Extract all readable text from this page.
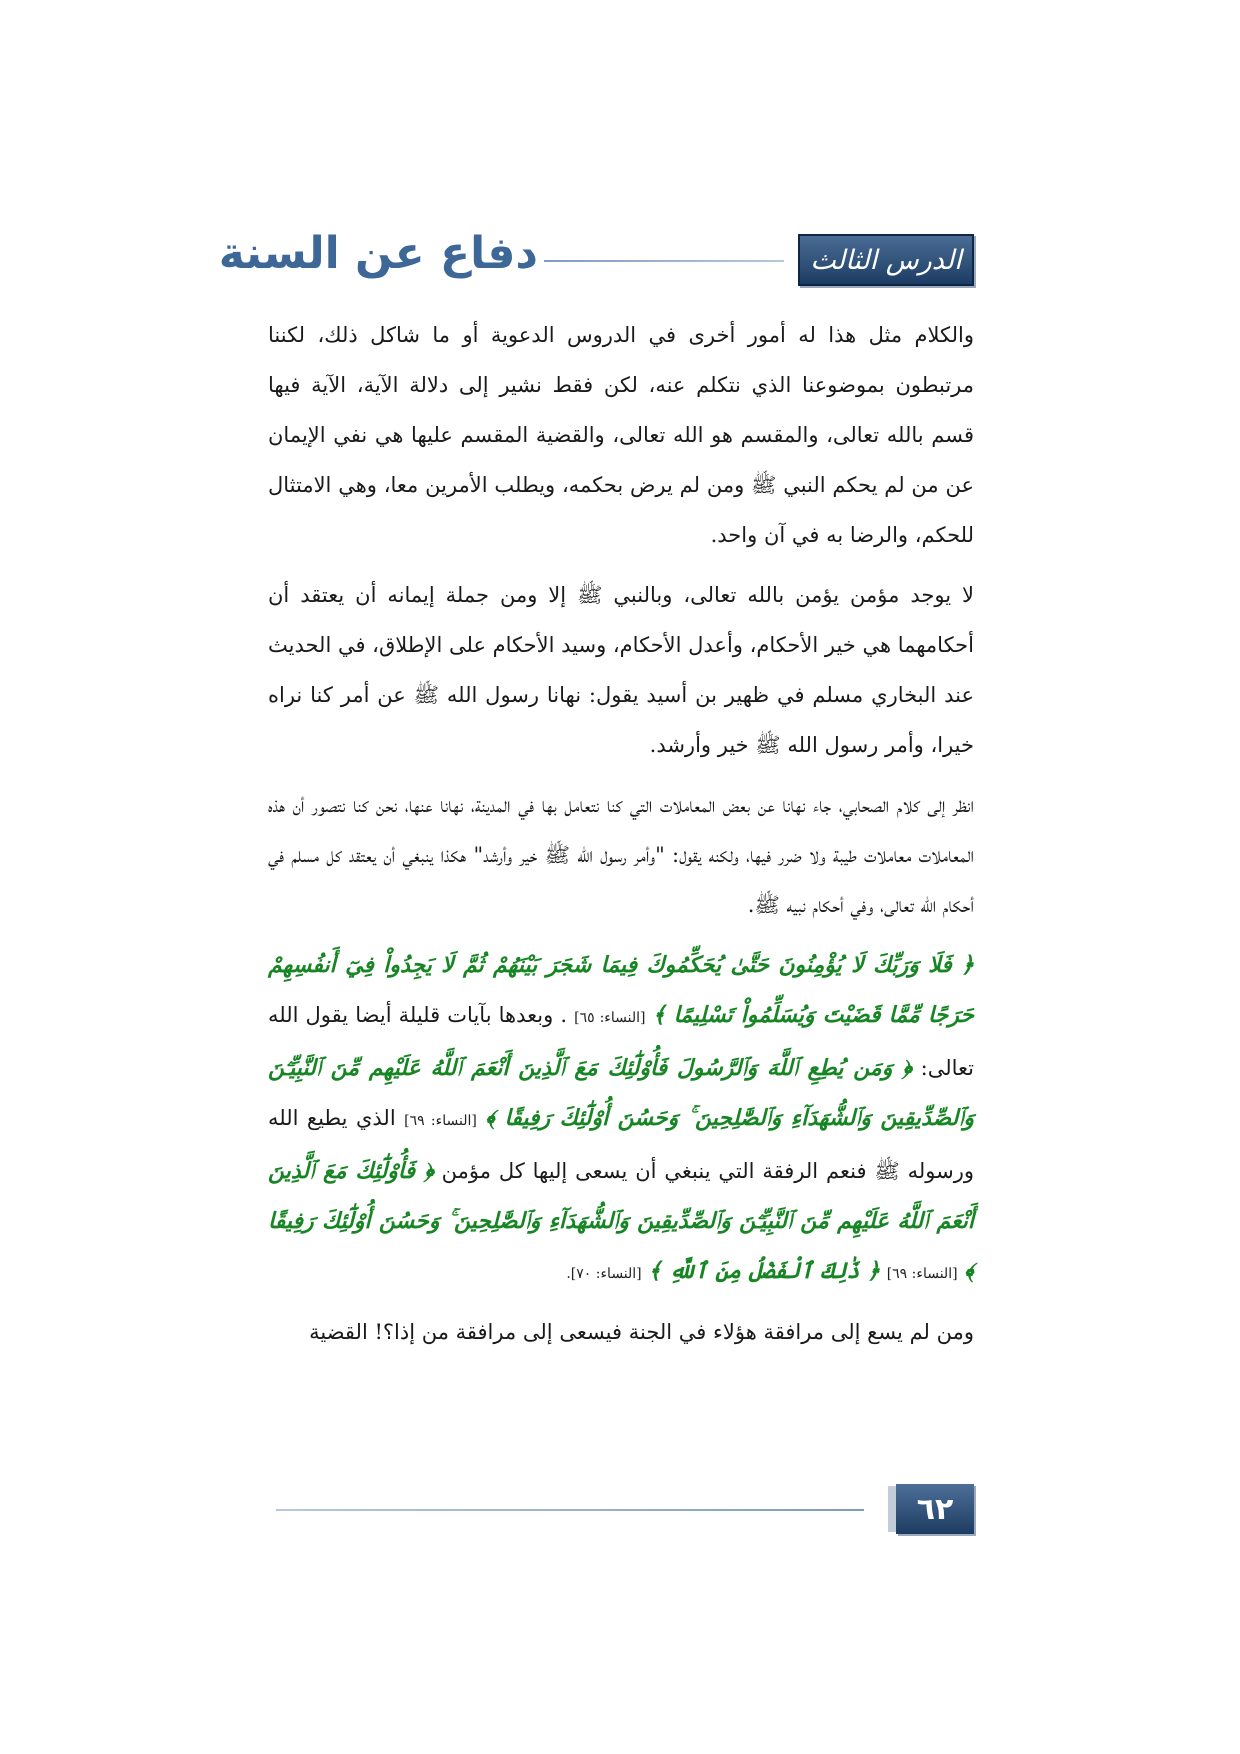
دفاع عن السنة	الدرس الثالث

والكلام مثل هذا له أمور أخرى في الدروس الدعوية أو ما شاكل ذلك، لكننا مرتبطون بموضوعنا الذي نتكلم عنه، لكن فقط نشير إلى دلالة الآية، الآية فيها قسم بالله تعالى، والمقسم هو الله تعالى، والقضية المقسم عليها هي نفي الإيمان عن من لم يحكم النبي ﷺ ومن لم يرض بحكمه، ويطلب الأمرين معا، وهي الامتثال للحكم، والرضا به في آن واحد.

لا يوجد مؤمن يؤمن بالله تعالى، وبالنبي ﷺ إلا ومن جملة إيمانه أن يعتقد أن أحكامهما هي خير الأحكام، وأعدل الأحكام، وسيد الأحكام على الإطلاق، في الحديث عند البخاري مسلم في ظهير بن أسيد يقول: نهانا رسول الله ﷺ عن أمر كنا نراه خيرا، وأمر رسول الله ﷺ خير وأرشد.

انظر إلى كلام الصحابي، جاء نهانا عن بعض المعاملات التي كنا نتعامل بها في المدينة، نهانا عنها، نحن كنا نتصور أن هذه المعاملات معاملات طيبة ولا ضرر فيها، ولكنه يقول: "وأمر رسول الله ﷺ خير وأرشد" هكذا ينبغي أن يعتقد كل مسلم في أحكام الله تعالى، وفي أحكام نبيه ﷺ.

﴿ فَلَا وَرَبِّكَ لَا يُؤْمِنُونَ حَتَّىٰ يُحَكِّمُوكَ فِيمَا شَجَرَ بَيْنَهُمْ ثُمَّ لَا يَجِدُواْ فِيٓ أَنفُسِهِمْ حَرَجًا مِّمَّا قَضَيْتَ وَيُسَلِّمُواْ تَسْلِيمًا ﴾ [النساء: ٦٥] . وبعدها بآيات قليلة أيضا يقول الله تعالى: ﴿ وَمَن يُطِعِ ٱللَّهَ وَٱلرَّسُولَ فَأُوْلَٰٓئِكَ مَعَ ٱلَّذِينَ أَنْعَمَ ٱللَّهُ عَلَيْهِم مِّنَ ٱلنَّبِيِّـۧنَ وَٱلصِّدِّيقِينَ وَٱلشُّهَدَآءِ وَٱلصَّٰلِحِينَ ۚ وَحَسُنَ أُوْلَٰٓئِكَ رَفِيقًا ﴾ [النساء: ٦٩] الذي يطيع الله ورسوله ﷺ فنعم الرفقة التي ينبغي أن يسعى إليها كل مؤمن ﴿ فَأُوْلَٰٓئِكَ مَعَ ٱلَّذِينَ أَنْعَمَ ٱللَّهُ عَلَيْهِم مِّنَ ٱلنَّبِيِّـۧنَ وَٱلصِّدِّيقِينَ وَٱلشُّهَدَآءِ وَٱلصَّٰلِحِينَ ۚ وَحَسُنَ أُوْلَٰٓئِكَ رَفِيقًا ﴾ [النساء: ٦٩] ﴿ ذَٰلِكَ ٱلْفَضْلُ مِنَ ٱللَّهِ ﴾ [النساء: ٧٠].

ومن لم يسع إلى مرافقة هؤلاء في الجنة فيسعى إلى مرافقة من إذا؟! القضية

٦٢
